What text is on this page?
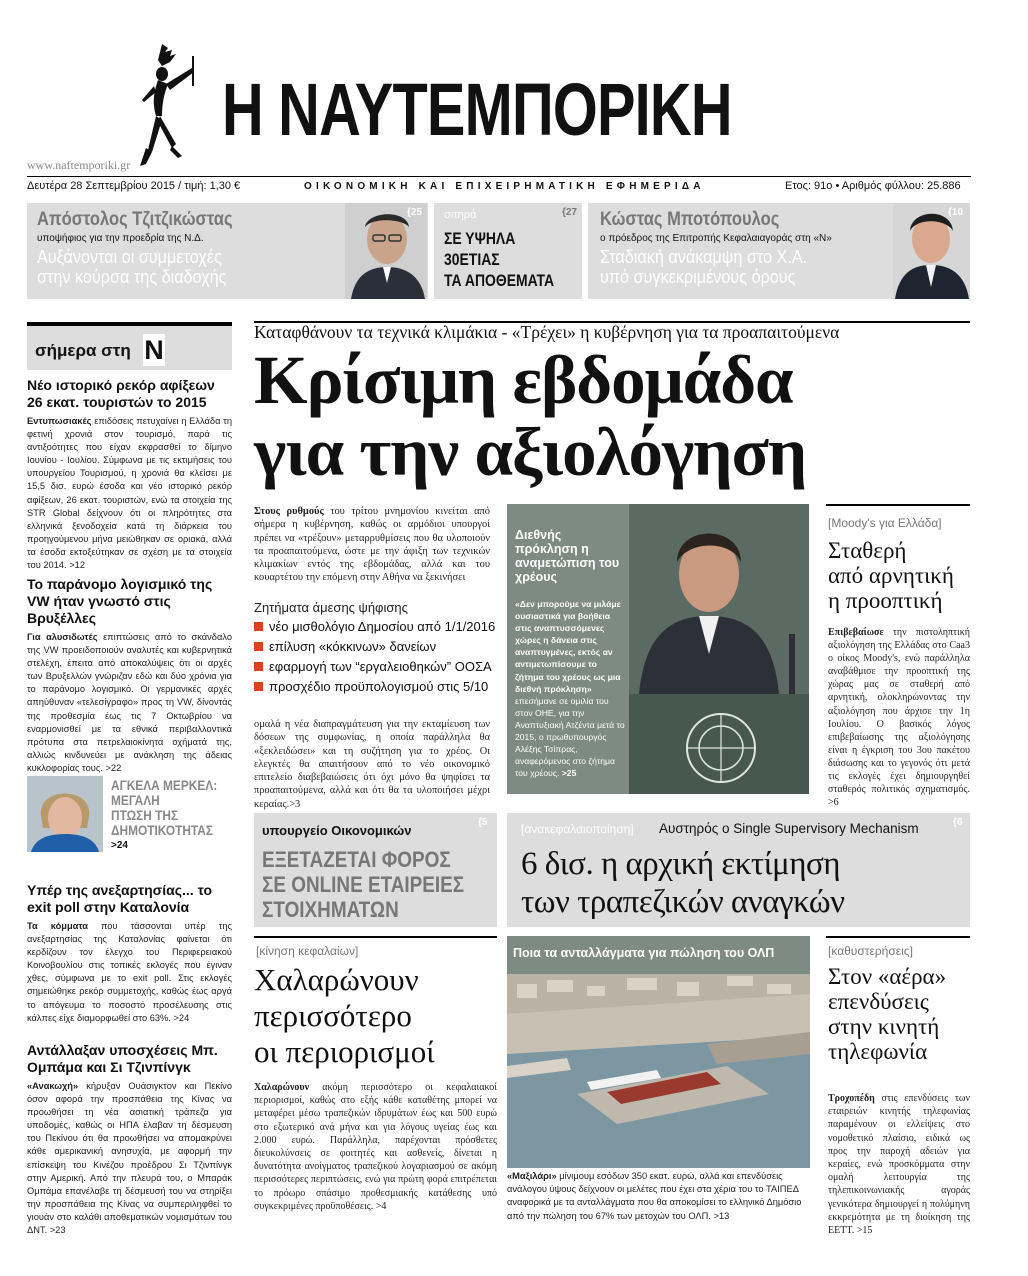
Η ΝΑΥΤΕΜΠΟΡΙΚΗ
www.naftemporiki.gr
Δευτέρα 28 Σεπτεμβρίου 2015 / τιμή: 1,30 €	ΟΙΚΟΝΟΜΙΚΗ ΚΑΙ ΕΠΙΧΕΙΡΗΜΑΤΙΚΗ ΕΦΗΜΕΡΙΔΑ	Ετος: 91ο • Αριθμός φύλλου: 25.886
Απόστολος Τζιτζικώστας
υποψήφιος για την προεδρία της Ν.Δ.
Αυξάνονται οι συμμετοχές
στην κούρσα της διαδοχής
{25 σιτηρά	{27
ΣΕ ΥΨΗΛΑ
30ΕΤΙΑΣ
ΤΑ ΑΠΟΘΕΜΑΤΑ
Κώστας Μποτόπουλος
ο πρόεδρος της Επιτροπής Κεφαλαιαγοράς στη «Ν»
Σταδιακή ανάκαμψη στο Χ.Α.
υπό συγκεκριμένους όρους
{10
σήμερα στη Ν
Νέο ιστορικό ρεκόρ αφίξεων 26 εκατ. τουριστών το 2015
Εντυπωσιακές επιδόσεις πετυχαίνει η Ελλάδα τη φετινή χρονιά στον τουρισμό, παρά τις αντιξοότητες που είχαν εκφρασθεί το δίμηνο Ιουνίου - Ιουλίου. Σύμφωνα με τις εκτιμήσεις του υπουργείου Τουρισμού, η χρονιά θα κλείσει με 15,5 δισ. ευρώ έσοδα και νέο ιστορικό ρεκόρ αφίξεων, 26 εκατ. τουριστών, ενώ τα στοιχεία της STR Global δείχνουν ότι οι πληρότητες στα ελληνικά ξενοδοχεία κατά τη διάρκεια του προηγούμενου μήνα μειώθηκαν σε οριακά, αλλά τα έσοδα εκτοξεύτηκαν σε σχέση με τα στοιχεία του 2014. >12
Το παράνομο λογισμικό της VW ήταν γνωστό στις Βρυξέλλες
Για αλυσιδωτές επιπτώσεις από το σκάνδαλο της VW προειδοποιούν αναλυτές και κυβερνητικά στελέχη, έπειτα από αποκαλύψεις ότι οι αρχές των Βρυξελλών γνώριζαν εδώ και δύο χρόνια για το παράνομο λογισμικό. Οι γερμανικές αρχές απηύθυναν «τελεσίγραφο» προς τη VW, δίνοντάς της προθεσμία έως τις 7 Οκτωβρίου να εναρμονισθεί με τα εθνικά περιβαλλοντικά πρότυπα στα πετρελαιοκίνητα οχήματά της, αλλιώς κινδυνεύει με ανάκληση της άδειας κυκλοφορίας τους. >22
ΑΓΚΕΛΑ ΜΕΡΚΕΛ:
ΜΕΓΑΛΗ
ΠΤΩΣΗ ΤΗΣ
ΔΗΜΟΤΙΚΟΤΗΤΑΣ
>24
Υπέρ της ανεξαρτησίας... το exit poll στην Καταλονία
Τα κόμματα που τάσσονται υπέρ της ανεξαρτησίας της Καταλονίας φαίνεται ότι κερδίζουν τον έλεγχο του Περιφερειακού Κοινοβουλίου στις τοπικές εκλογές που έγιναν χθες, σύμφωνα με το exit poll. Στις εκλογές σημειώθηκε ρεκόρ συμμετοχής, καθώς έως αργά το απόγευμα το ποσοστό προσέλευσης στις κάλπες είχε διαμορφωθεί στο 63%. >24
Αντάλλαξαν υποσχέσεις Μπ. Ομπάμα και Σι Τζινπίνγκ
«Ανακωχή» κήρυξαν Ουάσιγκτον και Πεκίνο όσον αφορά την προσπάθεια της Κίνας να προωθήσει τη νέα ασιατική τράπεζα για υποδομές, καθώς οι ΗΠΑ έλαβαν τη δέσμευση του Πεκίνου ότι θα προωθήσει να απομακρύνει κάθε αμερικανική ανησυχία, με αφορμή την επίσκεψη του Κινέζου προέδρου Σι Τζινπίνγκ στην Αμερική. Από την πλευρά του, ο Μπαράκ Ομπάμα επανέλαβε τη δέσμευσή του να στηρίξει την προσπάθεια της Κίνας να συμπεριληφθεί το γιουάν στο καλάθι αποθεματικών νομισμάτων του ΔΝΤ. >23
Καταφθάνουν τα τεχνικά κλιμάκια - «Τρέχει» η κυβέρνηση για τα προαπαιτούμενα
Κρίσιμη εβδομάδα
για την αξιολόγηση
Στους ρυθμούς του τρίτου μνημονίου κινείται από σήμερα η κυβέρνηση, καθώς οι αρμόδιοι υπουργοί πρέπει να «τρέξουν» μεταρρυθμίσεις που θα υλοποιούν τα προαπαιτούμενα, ώστε με την άφιξη των τεχνικών κλιμακίων εντός της εβδομάδας, αλλά και του κουαρτέτου την επόμενη στην Αθήνα να ξεκινήσει
Ζητήματα άμεσης ψήφισης
νέο μισθολόγιο Δημοσίου από 1/1/2016
επίλυση «κόκκινων» δανείων
εφαρμογή των “εργαλειοθηκών” ΟΟΣΑ
προσχέδιο προϋπολογισμού στις 5/10
ομαλά η νέα διαπραγμάτευση για την εκταμίευση των δόσεων της συμφωνίας, η οποία παράλληλα θα «ξεκλειδώσει» και τη συζήτηση για το χρέος. Οι ελεγκτές θα απαιτήσουν από το νέο οικονομικό επιτελείο διαβεβαιώσεις ότι όχι μόνο θα ψηφίσει τα προαπαιτούμενα, αλλά και ότι θα τα υλοποιήσει μέχρι κεραίας.>3
Διεθνής πρόκληση η αναμετώπιση του χρέους
«Δεν μπορούμε να μιλάμε ουσιαστικά για βοήθεια στις αναπτυσσόμενες χώρες η δάνεια στις αναπτυγμένες, εκτός αν αντιμετωπίσουμε το ζήτημα του χρέους ως μια διεθνή πρόκληση» επεσήμανε σε ομιλία του στον ΟΗΕ, για την Αναπτυξιακή Ατζέντα μετά το 2015, ο πρωθυπουργός Αλέξης Τσίπρας, αναφερόμενος στο ζήτημα του χρέους. >25
[Moody's για Ελλάδα]
Σταθερή
από αρνητική
η προοπτική
Επιβεβαίωσε την πιστοληπτική αξιολόγηση της Ελλάδας στο Caa3 ο οίκος Moody's, ενώ παράλληλα αναβάθμισε την προοπτική της χώρας μας σε σταθερή από αρνητική, ολοκληρώνοντας την αξιολόγηση που άρχισε την 1η Ιουλίου. Ο βασικός λόγος επιβεβαίωσης της αξιολόγησης είναι η έγκριση του 3ου πακέτου διάσωσης και το γεγονός ότι μετά τις εκλογές έχει δημιουργηθεί σταθερός πολιτικός σχηματισμός. >6
υπουργείο Οικονομικών
{5
ΕΞΕΤΑΖΕΤΑΙ ΦΟΡΟΣ
ΣΕ ONLINE ΕΤΑΙΡΕΙΕΣ
ΣΤΟΙΧΗΜΑΤΩΝ
[ανακεφαλαιοποίηση] Αυστηρός ο Single Supervisory Mechanism	{6
6 δισ. η αρχική εκτίμηση
των τραπεζικών αναγκών
[κίνηση κεφαλαίων]
Χαλαρώνουν
περισσότερο
οι περιορισμοί
Χαλαρώνουν ακόμη περισσότερο οι κεφαλαιακοί περιορισμοί, καθώς στο εξής κάθε καταθέτης μπορεί να μεταφέρει μέσω τραπεζικών ιδρυμάτων έως και 500 ευρώ στο εξωτερικό ανά μήνα και για λόγους υγείας έως και 2.000 ευρώ. Παράλληλα, παρέχονται πρόσθετες διευκολύνσεις σε φοιτητές και ασθενείς, δίνεται η δυνατότητα ανοίγματος τραπεζικού λογαριασμού σε ακόμη περισσότερες περιπτώσεις, ενώ για πρώτη φορά επιτρέπεται το πρόωρο σπάσιμο προθεσμιακής κατάθεσης υπό συγκεκριμένες προϋποθέσεις. >4
Ποια τα ανταλλάγματα για πώληση του ΟΛΠ
«Μαξιλάρι» μίνιμουμ εσόδων 350 εκατ. ευρώ, αλλά και επενδύσεις ανάλογου ύψους δείχνουν οι μελέτες που έχει στα χέρια του το ΤΑΙΠΕΔ αναφορικά με τα ανταλλάγματα που θα αποκομίσει το ελληνικό Δημόσιο από την πώληση του 67% των μετοχών του ΟΛΠ. >13
[καθυστερήσεις]
Στον «αέρα»
επενδύσεις
στην κινητή
τηλεφωνία
Τροχοπέδη στις επενδύσεις των εταιρειών κινητής τηλεφωνίας παραμένουν οι ελλείψεις στο νομοθετικό πλαίσιο, ειδικά ως προς την παροχή αδειών για κεραίες, ενώ προσκόμματα στην ομαλή λειτουργία της τηλεπικοινωνιακής αγοράς γενικότερα δημιουργεί η πολύμηνη εκκρεμότητα με τη διοίκηση της ΕΕΤΤ. >15
